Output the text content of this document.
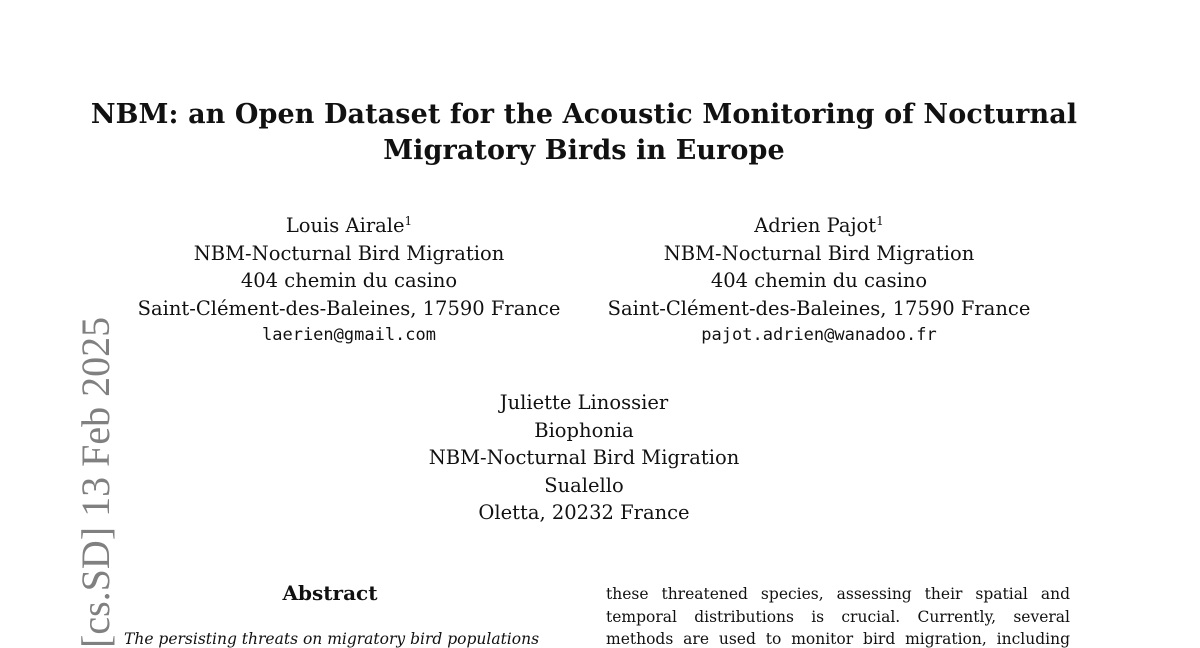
NBM: an Open Dataset for the Acoustic Monitoring of Nocturnal
Migratory Birds in Europe
Louis Airale$^1$
NBM-Nocturnal Bird Migration
404 chemin du casino
Saint-Clément-des-Baleines, 17590 France
laerien@gmail.com
Adrien Pajot$^1$
NBM-Nocturnal Bird Migration
404 chemin du casino
Saint-Clément-des-Baleines, 17590 France
pajot.adrien@wanadoo.fr
Juliette Linossier
Biophonia
NBM-Nocturnal Bird Migration
Sualello
Oletta, 20232 France
[cs.SD] 13 Feb 2025	Abstract
The persisting threats on migratory bird populations
these threatened species, assessing their spatial and
temporal distributions is crucial. Currently, several
methods are used to monitor bird migration, including
